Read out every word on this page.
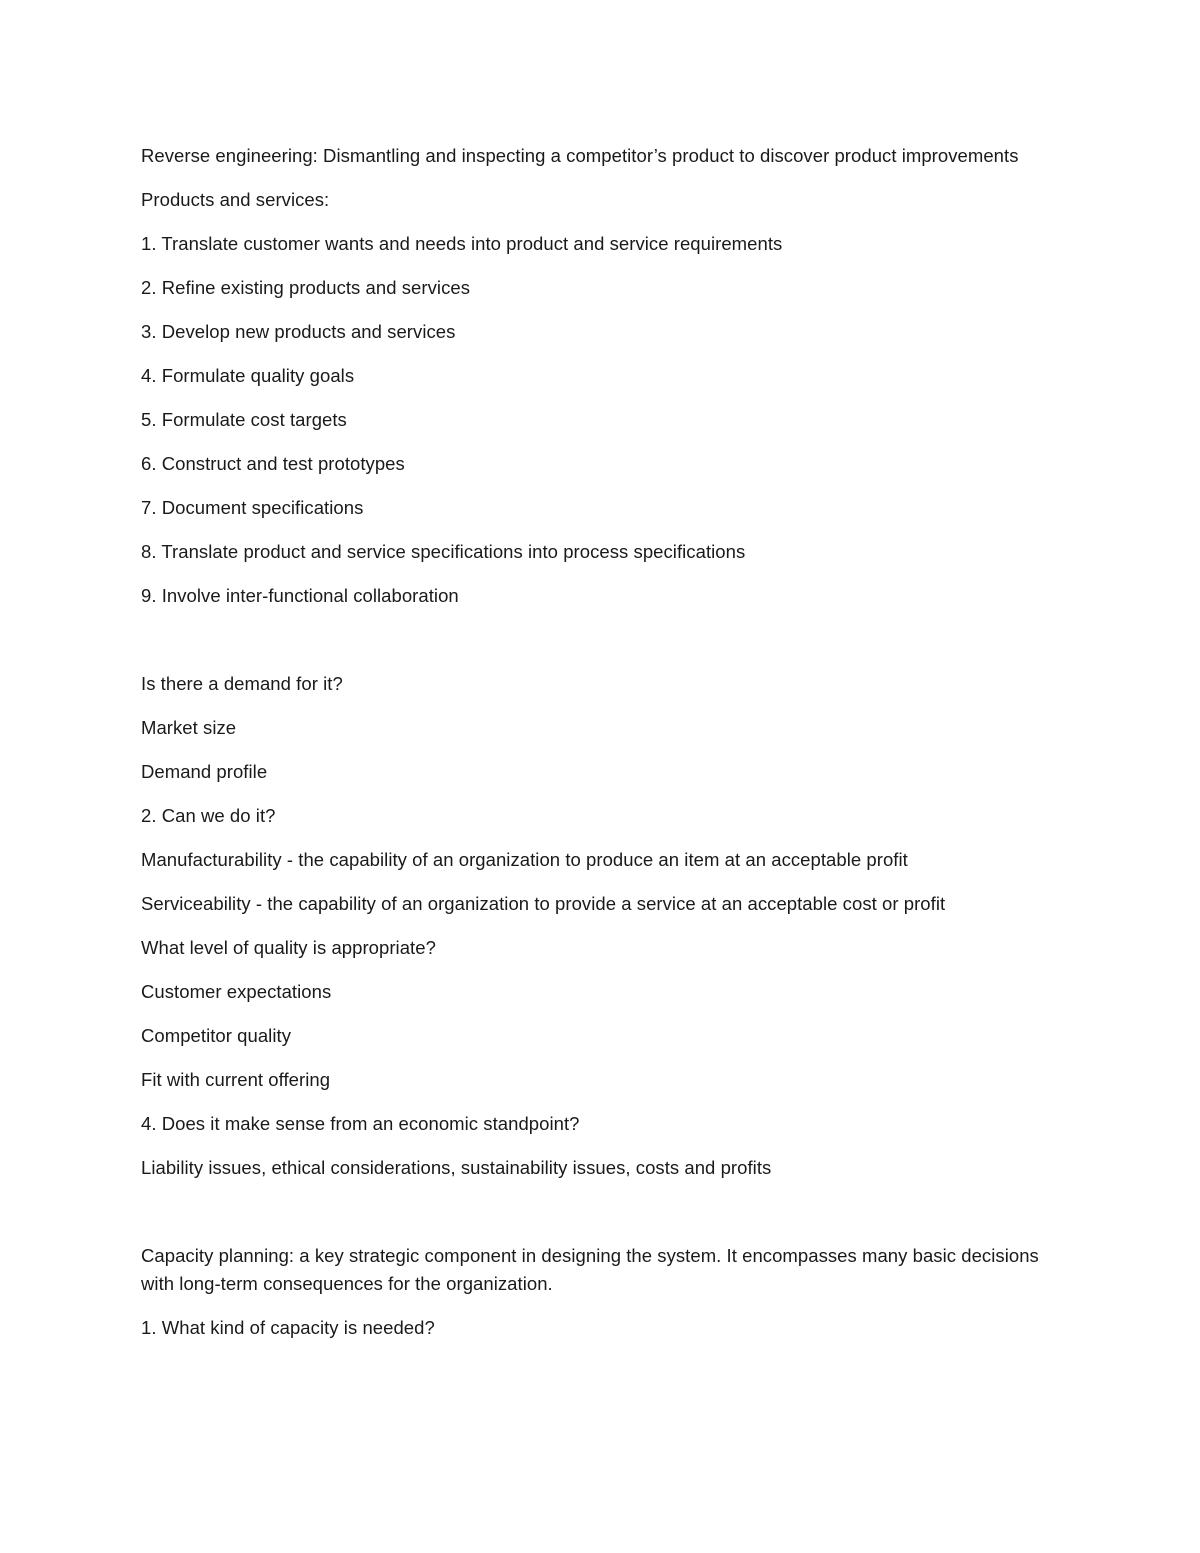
Reverse engineering: Dismantling and inspecting a competitor’s product to discover product improvements

Products and services:

1. Translate customer wants and needs into product and service requirements

2. Refine existing products and services

3. Develop new products and services

4. Formulate quality goals

5. Formulate cost targets

6. Construct and test prototypes

7. Document specifications

8. Translate product and service specifications into process specifications

9. Involve inter-functional collaboration

Is there a demand for it?

Market size

Demand profile

2. Can we do it?

Manufacturability - the capability of an organization to produce an item at an acceptable profit

Serviceability - the capability of an organization to provide a service at an acceptable cost or profit

What level of quality is appropriate?

Customer expectations

Competitor quality

Fit with current offering

4. Does it make sense from an economic standpoint?

Liability issues, ethical considerations, sustainability issues, costs and profits

Capacity planning: a key strategic component in designing the system. It encompasses many basic decisions with long-term consequences for the organization.

1. What kind of capacity is needed?
